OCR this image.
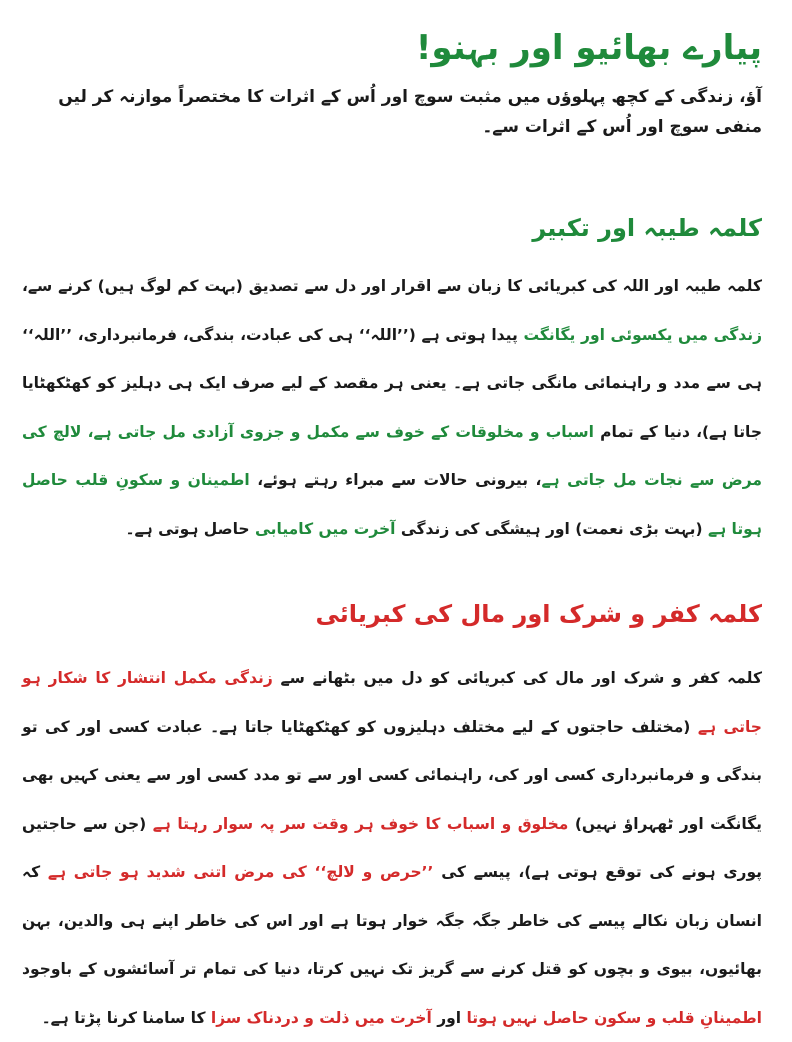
پیارے بھائیو اور بہنو!
آؤ، زندگی کے کچھ پہلوؤں میں مثبت سوچ اور اُس کے اثرات کا مختصراً موازنہ کر لیں منفی سوچ اور اُس کے اثرات سے۔
کلمہ طیبہ اور تکبیر
کلمہ طیبہ اور اللہ کی کبریائی کا زبان سے اقرار اور دل سے تصدیق (بہت کم لوگ ہیں) کرنے سے، زندگی میں یکسوئی اور یگانگت پیدا ہوتی ہے (’’اللہ‘‘ ہی کی عبادت، بندگی، فرمانبرداری، ’’اللہ‘‘ ہی سے مدد و راہنمائی مانگی جاتی ہے۔ یعنی ہر مقصد کے لیے صرف ایک ہی دہلیز کو کھٹکھٹایا جاتا ہے)، دنیا کے تمام اسباب و مخلوقات کے خوف سے مکمل و جزوی آزادی مل جاتی ہے، لالچ کی مرض سے نجات مل جاتی ہے، بیرونی حالات سے مبراء رہتے ہوئے، اطمینان و سکونِ قلب حاصل ہوتا ہے (بہت بڑی نعمت) اور ہیشگی کی زندگی آخرت میں کامیابی حاصل ہوتی ہے۔
کلمہ کفر و شرک اور مال کی کبریائی
کلمہ کفر و شرک اور مال کی کبریائی کو دل میں بٹھانے سے زندگی مکمل انتشار کا شکار ہو جاتی ہے (مختلف حاجتوں کے لیے مختلف دہلیزوں کو کھٹکھٹایا جاتا ہے۔ عبادت کسی اور کی تو بندگی و فرمانبرداری کسی اور کی، راہنمائی کسی اور سے تو مدد کسی اور سے یعنی کہیں بھی یگانگت اور ٹھہراؤ نہیں) مخلوق و اسباب کا خوف ہر وقت سر پہ سوار رہتا ہے (جن سے حاجتیں پوری ہونے کی توقع ہوتی ہے)، پیسے کی ’’حرص و لالچ‘‘ کی مرض اتنی شدید ہو جاتی ہے کہ انسان زبان نکالے پیسے کی خاطر جگہ جگہ خوار ہوتا ہے اور اس کی خاطر اپنے ہی والدین، بہن بھائیوں، بیوی و بچوں کو قتل کرنے سے گریز تک نہیں کرتا، دنیا کی تمام تر آسائشوں کے باوجود اطمینانِ قلب و سکون حاصل نہیں ہوتا اور آخرت میں ذلت و دردناک سزا کا سامنا کرنا پڑتا ہے۔
